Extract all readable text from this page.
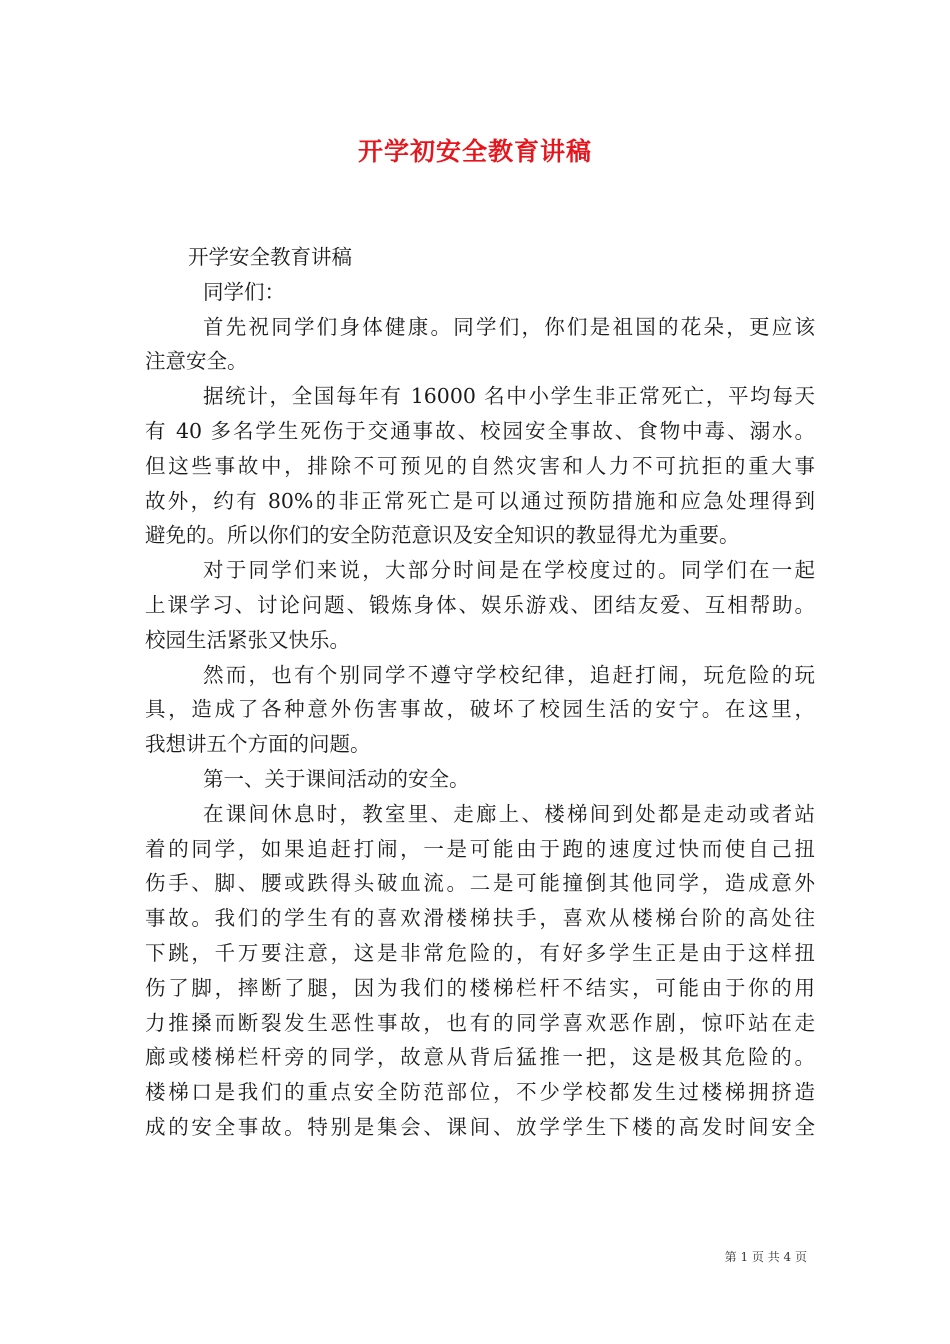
开学初安全教育讲稿
开学安全教育讲稿
同学们：
首先祝同学们身体健康。同学们，你们是祖国的花朵，更应该
注意安全。
据统计，全国每年有 16000 名中小学生非正常死亡，平均每天
有 40 多名学生死伤于交通事故、校园安全事故、食物中毒、溺水。
但这些事故中，排除不可预见的自然灾害和人力不可抗拒的重大事
故外，约有 80%的非正常死亡是可以通过预防措施和应急处理得到
避免的。所以你们的安全防范意识及安全知识的教显得尤为重要。
对于同学们来说，大部分时间是在学校度过的。同学们在一起
上课学习、讨论问题、锻炼身体、娱乐游戏、团结友爱、互相帮助。
校园生活紧张又快乐。
然而，也有个别同学不遵守学校纪律，追赶打闹，玩危险的玩
具，造成了各种意外伤害事故，破坏了校园生活的安宁。在这里，
我想讲五个方面的问题。
第一、关于课间活动的安全。
在课间休息时，教室里、走廊上、楼梯间到处都是走动或者站
着的同学，如果追赶打闹，一是可能由于跑的速度过快而使自己扭
伤手、脚、腰或跌得头破血流。二是可能撞倒其他同学，造成意外
事故。我们的学生有的喜欢滑楼梯扶手，喜欢从楼梯台阶的高处往
下跳，千万要注意，这是非常危险的，有好多学生正是由于这样扭
伤了脚，摔断了腿，因为我们的楼梯栏杆不结实，可能由于你的用
力推搡而断裂发生恶性事故，也有的同学喜欢恶作剧，惊吓站在走
廊或楼梯栏杆旁的同学，故意从背后猛推一把，这是极其危险的。
楼梯口是我们的重点安全防范部位，不少学校都发生过楼梯拥挤造
成的安全事故。特别是集会、课间、放学学生下楼的高发时间安全
第 1 页 共 4 页
